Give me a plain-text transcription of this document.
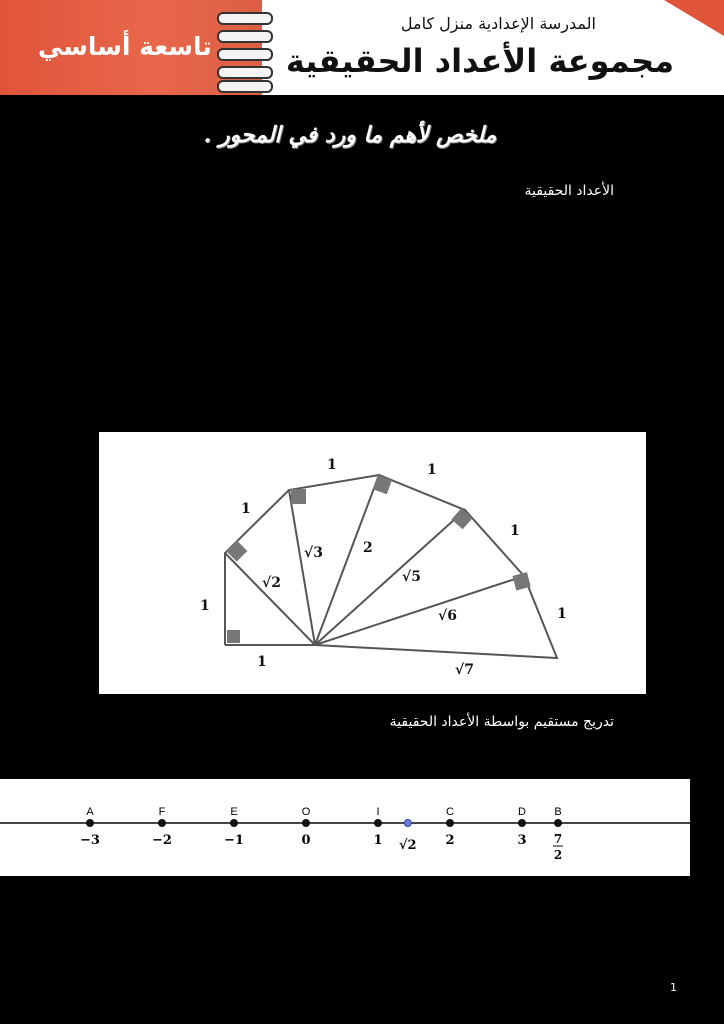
تاسعة أساسي
المدرسة الإعدادية منزل كامل
مجموعة الأعداد الحقيقية
ملخص لأهم ما ورد في المحور .
الأعداد الحقيقية
1
1
1
1	1
1
1
√2
√3	2
√5
√6
√7
تدريج مستقيم بواسطة الأعداد الحقيقية
A
−3
F
−2
E
−1
O
0
I
1 √2
C
2
D
3
B
7
2
1
